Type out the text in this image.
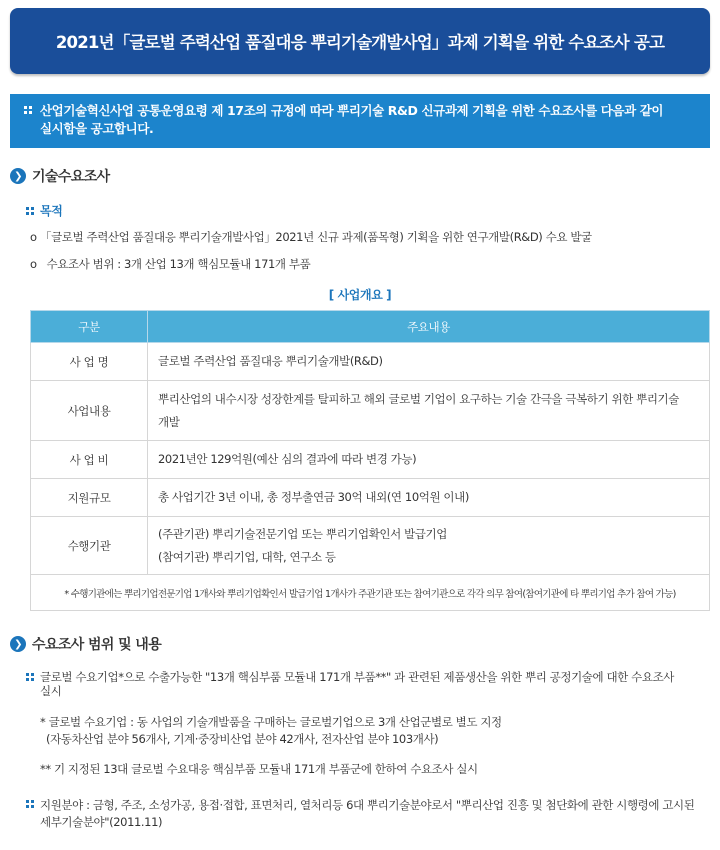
2021년「글로벌 주력산업 품질대응 뿌리기술개발사업」과제 기획을 위한 수요조사 공고
산업기술혁신사업 공통운영요령 제 17조의 규정에 따라 뿌리기술 R&D 신규과제 기획을 위한 수요조사를 다음과 같이
실시함을 공고합니다.
❯ 기술수요조사
목적
o 「글로벌 주력산업 품질대응 뿌리기술개발사업」2021년 신규 과제(품목형) 기획을 위한 연구개발(R&D) 수요 발굴
o 수요조사 범위 : 3개 산업 13개 핵심모듈내 171개 부품
[ 사업개요 ]
구분	주요내용
사 업 명	글로벌 주력산업 품질대응 뿌리기술개발(R&D)

사업내용	뿌리산업의 내수시장 성장한계를 탈피하고 해외 글로벌 기업이 요구하는 기술 간극을 극복하기 위한 뿌리기술
개발

사 업 비	2021년안 129억원(예산 심의 결과에 따라 변경 가능)

지원규모	총 사업기간 3년 이내, 총 정부출연금 30억 내외(연 10억원 이내)

수행기관	(주관기관) 뿌리기술전문기업 또는 뿌리기업확인서 발급기업
(참여기관) 뿌리기업, 대학, 연구소 등

* 수행기관에는 뿌리기업전문기업 1개사와 뿌리기업확인서 발급기업 1개사가 주관기관 또는 참여기관으로 각각 의무 참여(참여기관에 타 뿌리기업 추가 참여 가능)	
❯ 수요조사 범위 및 내용
글로벌 수요기업*으로 수출가능한 "13개 핵심부품 모듈내 171개 부품**" 과 관련된 제품생산을 위한 뿌리 공정기술에 대한 수요조사
실시
* 글로벌 수요기업 : 동 사업의 기술개발품을 구매하는 글로벌기업으로 3개 산업군별로 별도 지정
(자동차산업 분야 56개사, 기계·중장비산업 분야 42개사, 전자산업 분야 103개사)
** 기 지정된 13대 글로벌 수요대응 핵심부품 모듈내 171개 부품군에 한하여 수요조사 실시
지원분야 : 금형, 주조, 소성가공, 용접·접합, 표면처리, 열처리등 6대 뿌리기술분야로서 "뿌리산업 진흥 및 첨단화에 관한 시행령에 고시된
세부기술분야"(2011.11)
